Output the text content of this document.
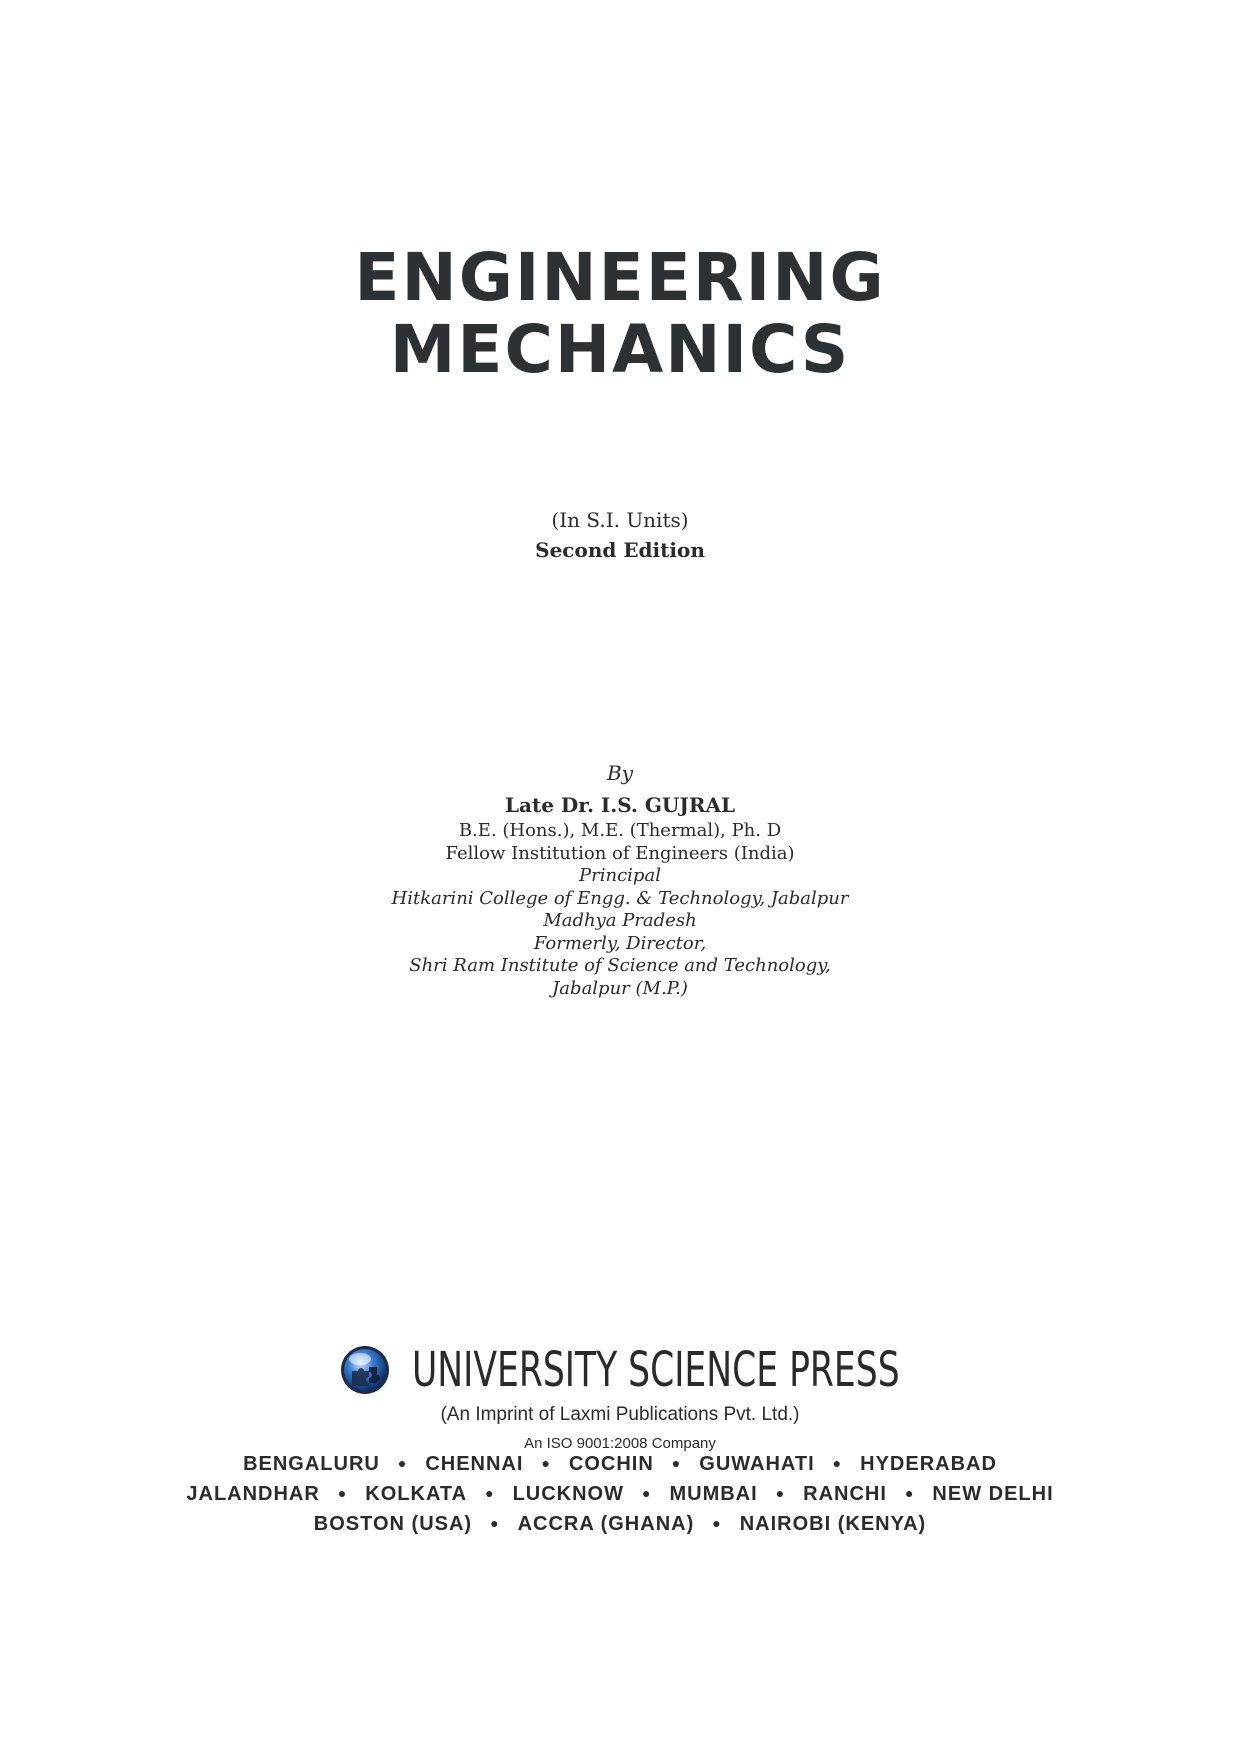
ENGINEERING
MECHANICS
(In S.I. Units)
Second Edition
By
Late Dr. I.S. GUJRAL
B.E. (Hons.), M.E. (Thermal), Ph. D
Fellow Institution of Engineers (India)
Principal
Hitkarini College of Engg. & Technology, Jabalpur
Madhya Pradesh
Formerly, Director,
Shri Ram Institute of Science and Technology,
Jabalpur (M.P.)
UNIVERSITY SCIENCE PRESS
(An Imprint of Laxmi Publications Pvt. Ltd.)
An ISO 9001:2008 Company
BENGALURU ● CHENNAI ● COCHIN ● GUWAHATI ● HYDERABAD
JALANDHAR ● KOLKATA ● LUCKNOW ● MUMBAI ● RANCHI ● NEW DELHI
BOSTON (USA) ● ACCRA (GHANA) ● NAIROBI (KENYA)
